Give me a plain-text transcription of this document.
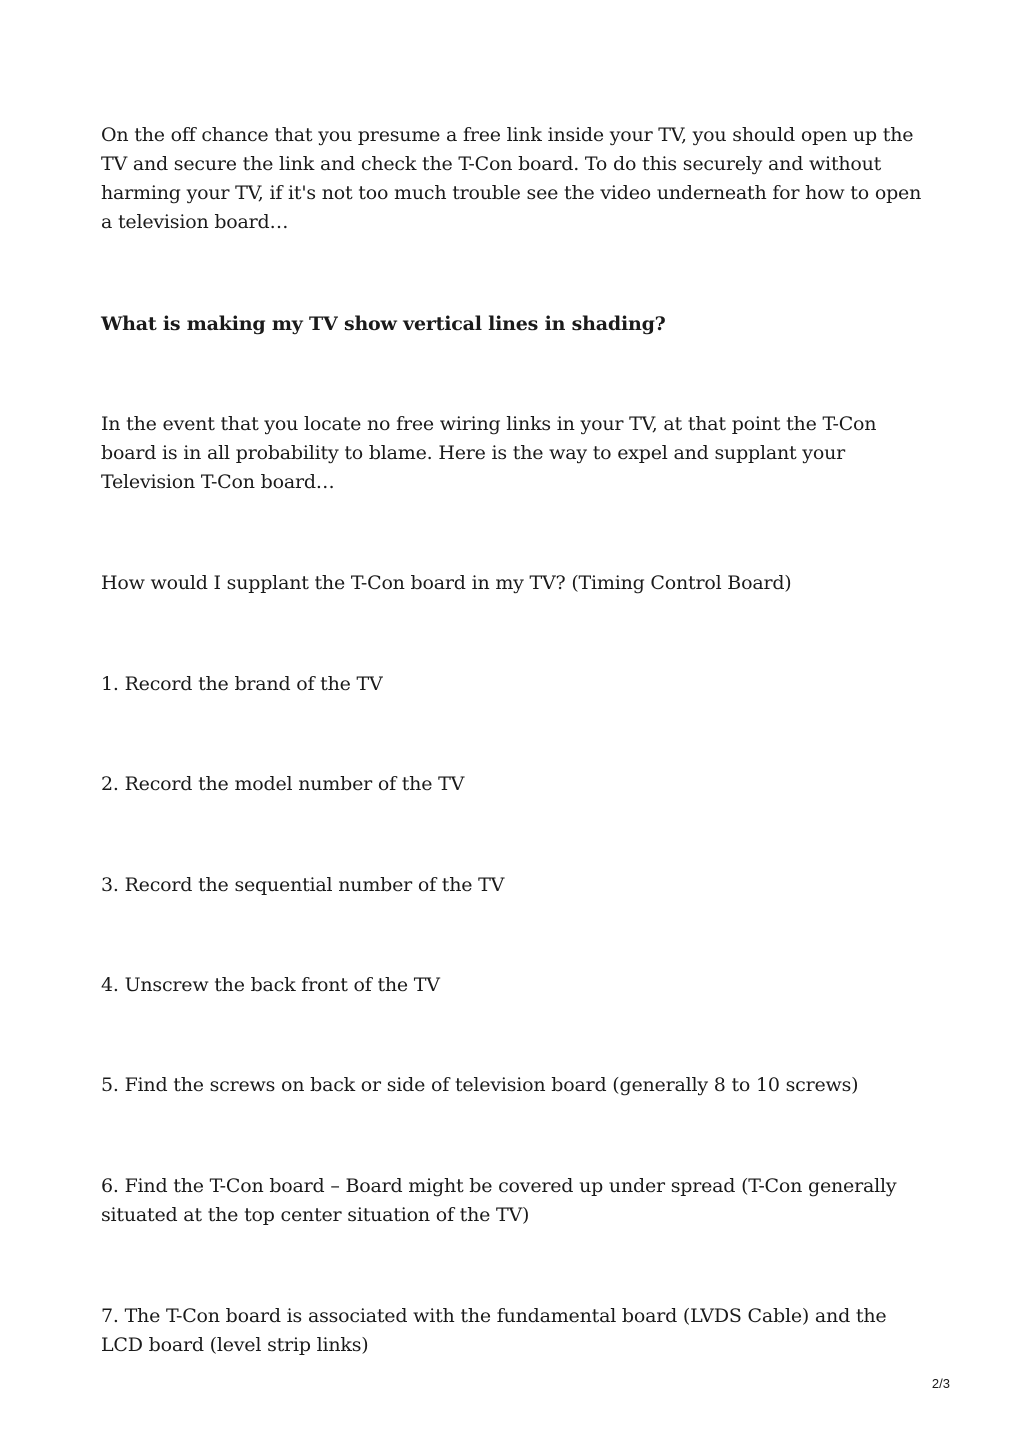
On the off chance that you presume a free link inside your TV, you should open up the TV and secure the link and check the T-Con board. To do this securely and without harming your TV, if it's not too much trouble see the video underneath for how to open a television board…

What is making my TV show vertical lines in shading?

In the event that you locate no free wiring links in your TV, at that point the T-Con board is in all probability to blame. Here is the way to expel and supplant your Television T-Con board…

How would I supplant the T-Con board in my TV? (Timing Control Board)

1. Record the brand of the TV

2. Record the model number of the TV

3. Record the sequential number of the TV

4. Unscrew the back front of the TV

5. Find the screws on back or side of television board (generally 8 to 10 screws)

6. Find the T-Con board – Board might be covered up under spread (T-Con generally situated at the top center situation of the TV)

7. The T-Con board is associated with the fundamental board (LVDS Cable) and the LCD board (level strip links)

2/3
